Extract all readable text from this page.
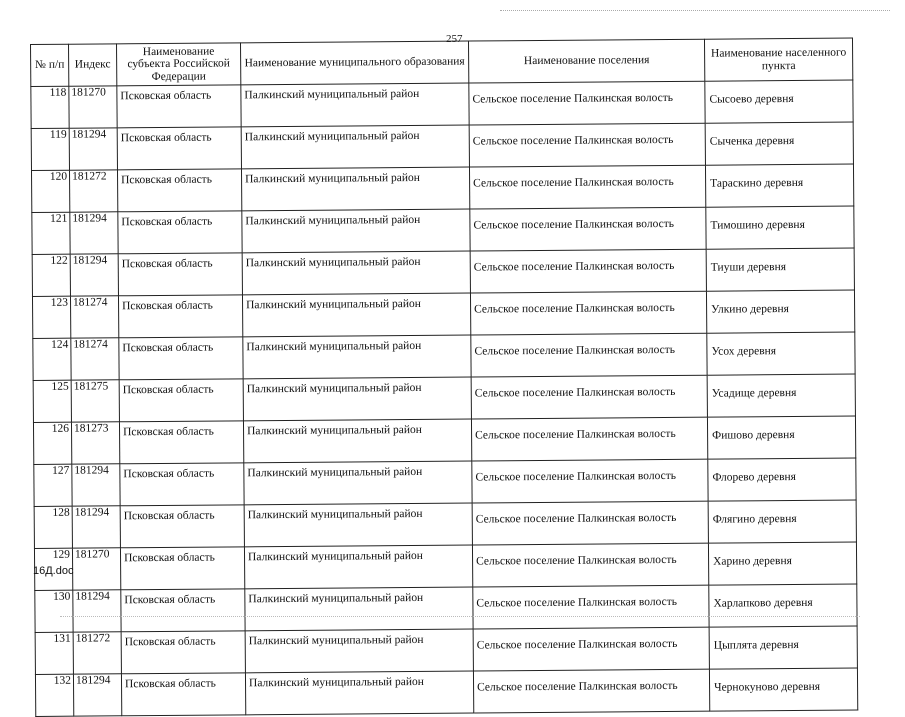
257
№ п/п	Индекс	Наименование субъекта Российской Федерации	Наименование муниципального образования	Наименование поселения	Наименование населенного пункта
118	181270	Псковская область	Палкинский муниципальный район	Сельское поселение Палкинская волость	Сысоево деревня
119	181294	Псковская область	Палкинский муниципальный район	Сельское поселение Палкинская волость	Сыченка деревня
120	181272	Псковская область	Палкинский муниципальный район	Сельское поселение Палкинская волость	Тараскино деревня
121	181294	Псковская область	Палкинский муниципальный район	Сельское поселение Палкинская волость	Тимошино деревня
122	181294	Псковская область	Палкинский муниципальный район	Сельское поселение Палкинская волость	Тиуши деревня
123	181274	Псковская область	Палкинский муниципальный район	Сельское поселение Палкинская волость	Улкино деревня
124	181274	Псковская область	Палкинский муниципальный район	Сельское поселение Палкинская волость	Усох деревня
125	181275	Псковская область	Палкинский муниципальный район	Сельское поселение Палкинская волость	Усадище деревня
126	181273	Псковская область	Палкинский муниципальный район	Сельское поселение Палкинская волость	Фишово деревня
127	181294	Псковская область	Палкинский муниципальный район	Сельское поселение Палкинская волость	Флорево деревня
128	181294	Псковская область	Палкинский муниципальный район	Сельское поселение Палкинская волость	Флягино деревня
129	181270	Псковская область	Палкинский муниципальный район	Сельское поселение Палкинская волость	Харино деревня
130	181294	Псковская область	Палкинский муниципальный район	Сельское поселение Палкинская волость	Харлапково деревня
131	181272	Псковская область	Палкинский муниципальный район	Сельское поселение Палкинская волость	Цыплята деревня
132	181294	Псковская область	Палкинский муниципальный район	Сельское поселение Палкинская волость	Чернокуново деревня
16Д.doc
